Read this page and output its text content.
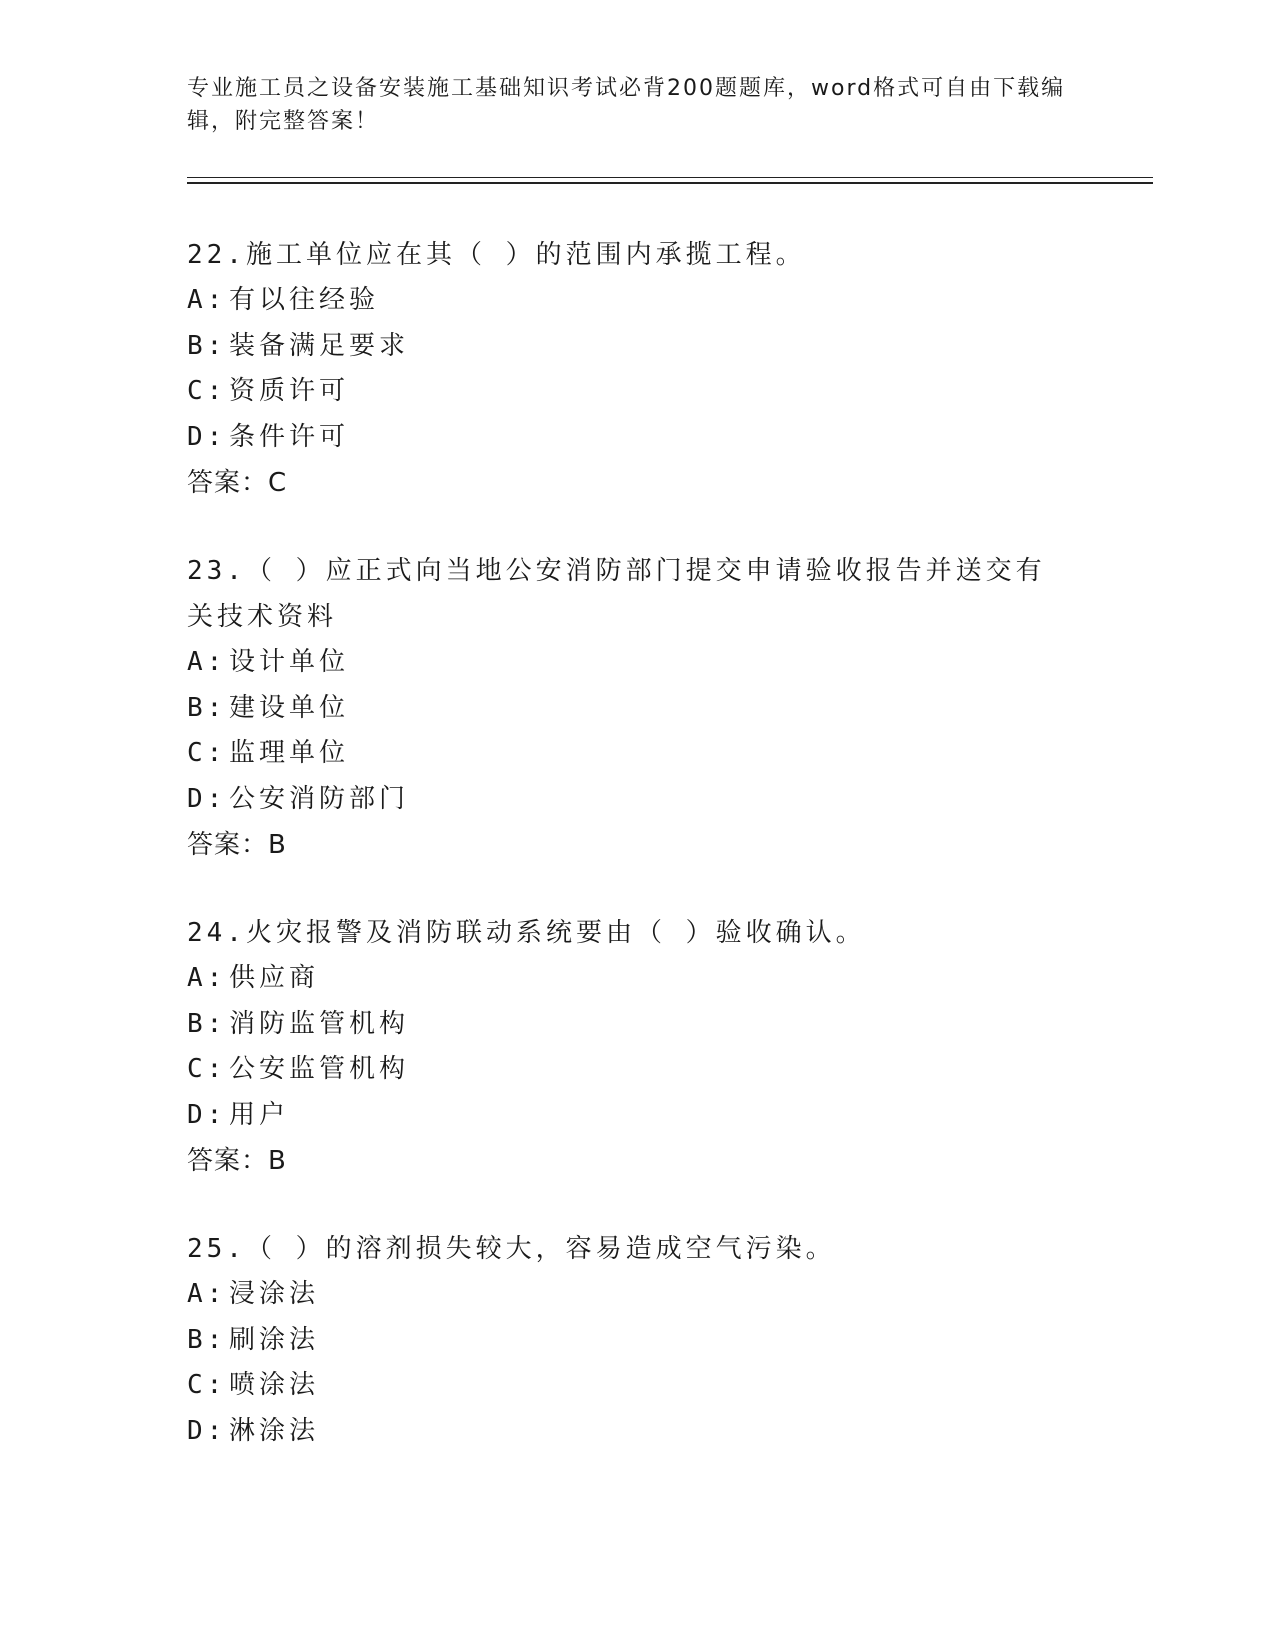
专业施工员之设备安装施工基础知识考试必背200题题库，word格式可自由下载编辑，附完整答案！
22.施工单位应在其（ ）的范围内承揽工程。
A: 有以往经验
B: 装备满足要求
C: 资质许可
D: 条件许可
答案：C
23.（ ）应正式向当地公安消防部门提交申请验收报告并送交有关技术资料
A: 设计单位
B: 建设单位
C: 监理单位
D: 公安消防部门
答案：B
24.火灾报警及消防联动系统要由（ ）验收确认。
A: 供应商
B: 消防监管机构
C: 公安监管机构
D: 用户
答案：B
25.（ ）的溶剂损失较大，容易造成空气污染。
A: 浸涂法
B: 刷涂法
C: 喷涂法
D: 淋涂法
